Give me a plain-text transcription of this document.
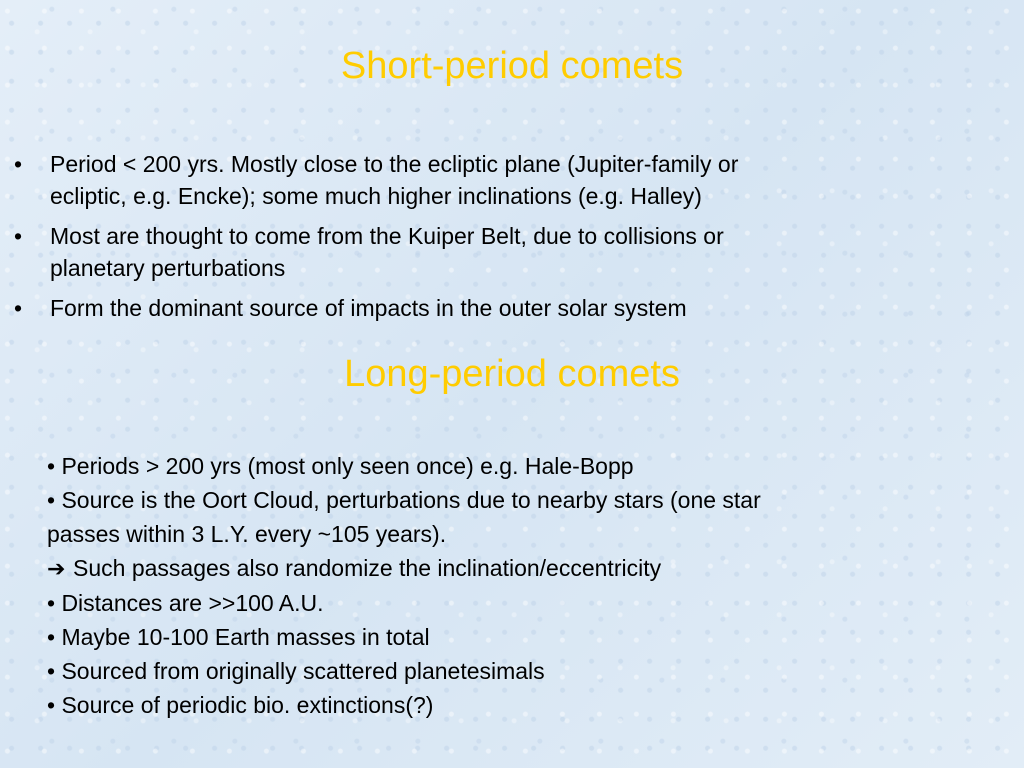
Short-period comets
•	Period < 200 yrs. Mostly close to the ecliptic plane (Jupiter-family or
ecliptic, e.g. Encke); some much higher inclinations (e.g. Halley)
•	Most are thought to come from the Kuiper Belt, due to collisions or
planetary perturbations
•	Form the dominant source of impacts in the outer solar system
Long-period comets
• Periods > 200 yrs (most only seen once) e.g. Hale-Bopp
• Source is the Oort Cloud, perturbations due to nearby stars (one star
passes within 3 L.Y. every ~105 years).
➔ Such passages also randomize the inclination/eccentricity
• Distances are >>100 A.U.
• Maybe 10-100 Earth masses in total
• Sourced from originally scattered planetesimals
• Source of periodic bio. extinctions(?)
